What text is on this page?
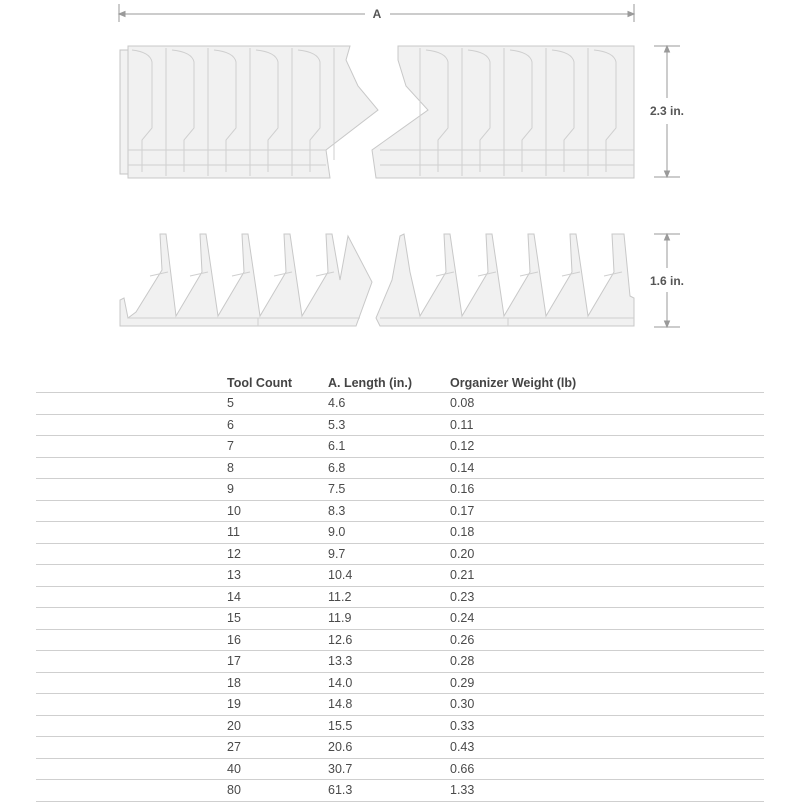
A
2.3 in.
1.6 in.
	Tool Count	A. Length (in.)	Organizer Weight (lb)
	5	4.6	0.08
	6	5.3	0.11
	7	6.1	0.12
	8	6.8	0.14
	9	7.5	0.16
	10	8.3	0.17
	11	9.0	0.18
	12	9.7	0.20
	13	10.4	0.21
	14	11.2	0.23
	15	11.9	0.24
	16	12.6	0.26
	17	13.3	0.28
	18	14.0	0.29
	19	14.8	0.30
	20	15.5	0.33
	27	20.6	0.43
	40	30.7	0.66
	80	61.3	1.33
